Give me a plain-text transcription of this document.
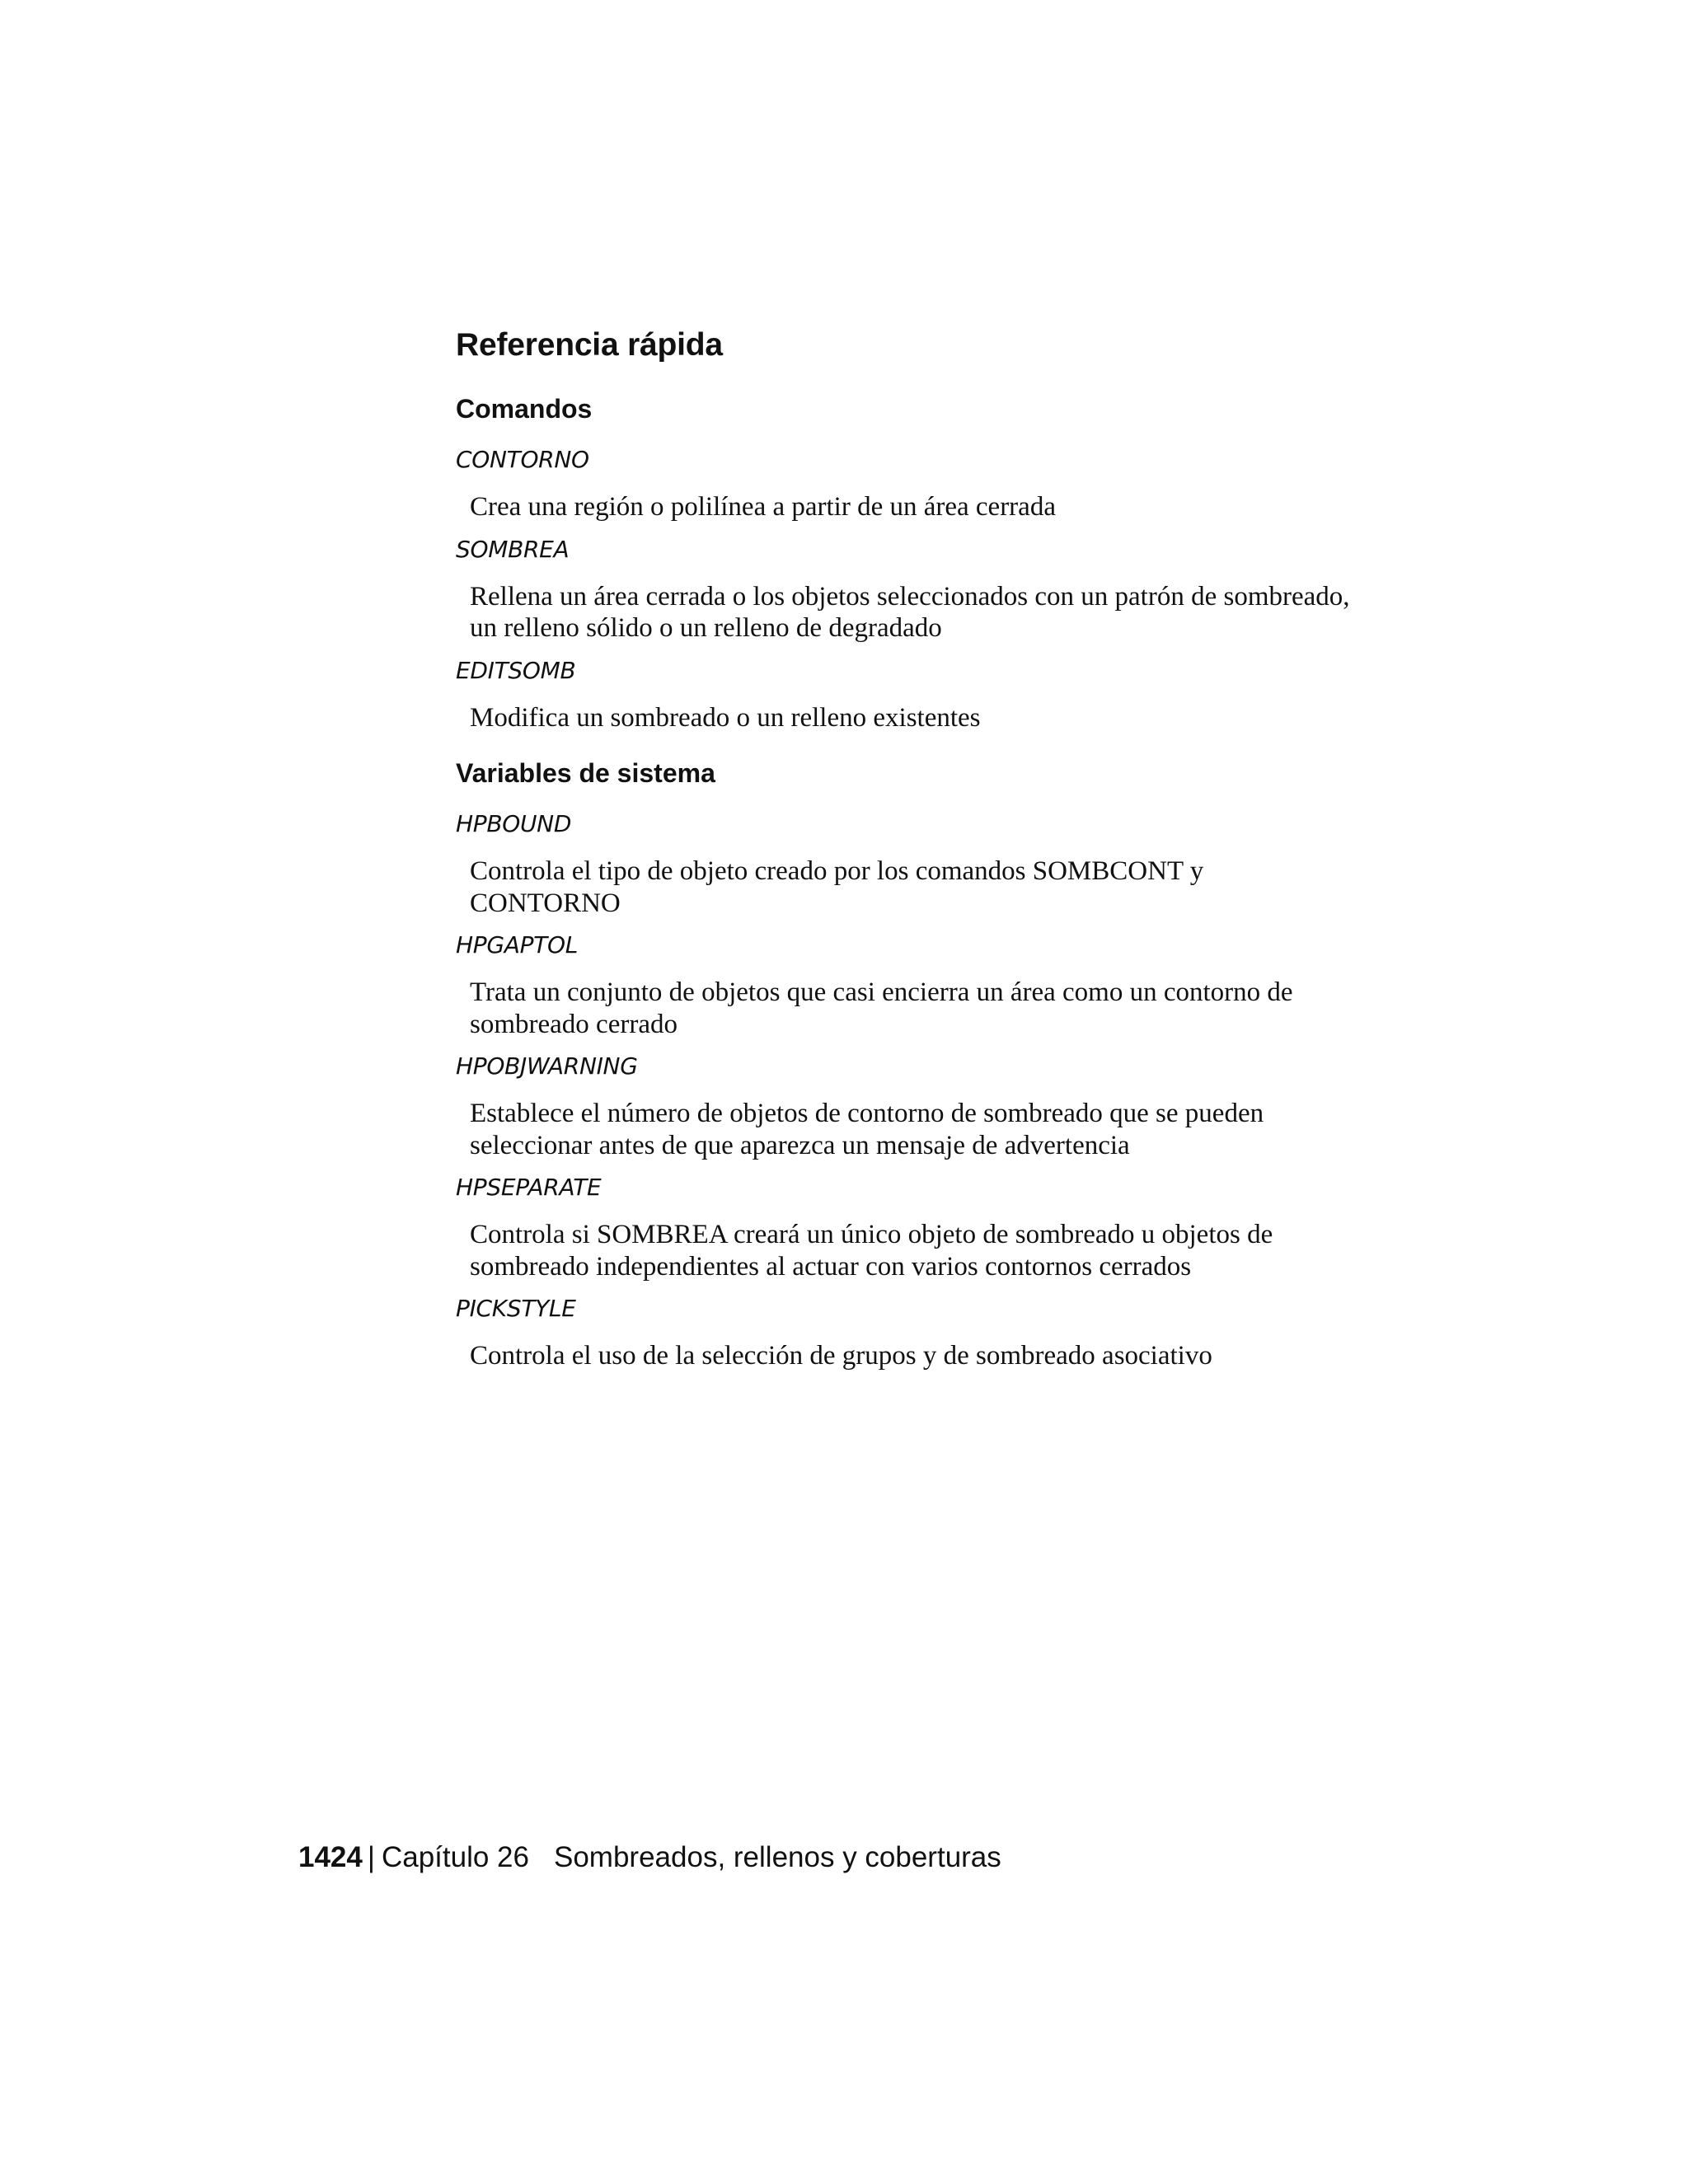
Referencia rápida
Comandos
CONTORNO
Crea una región o polilínea a partir de un área cerrada
SOMBREA
Rellena un área cerrada o los objetos seleccionados con un patrón de sombreado, un relleno sólido o un relleno de degradado
EDITSOMB
Modifica un sombreado o un relleno existentes
Variables de sistema
HPBOUND
Controla el tipo de objeto creado por los comandos SOMBCONT y CONTORNO
HPGAPTOL
Trata un conjunto de objetos que casi encierra un área como un contorno de sombreado cerrado
HPOBJWARNING
Establece el número de objetos de contorno de sombreado que se pueden seleccionar antes de que aparezca un mensaje de advertencia
HPSEPARATE
Controla si SOMBREA creará un único objeto de sombreado u objetos de sombreado independientes al actuar con varios contornos cerrados
PICKSTYLE
Controla el uso de la selección de grupos y de sombreado asociativo
1424 | Capítulo 26 Sombreados, rellenos y coberturas
